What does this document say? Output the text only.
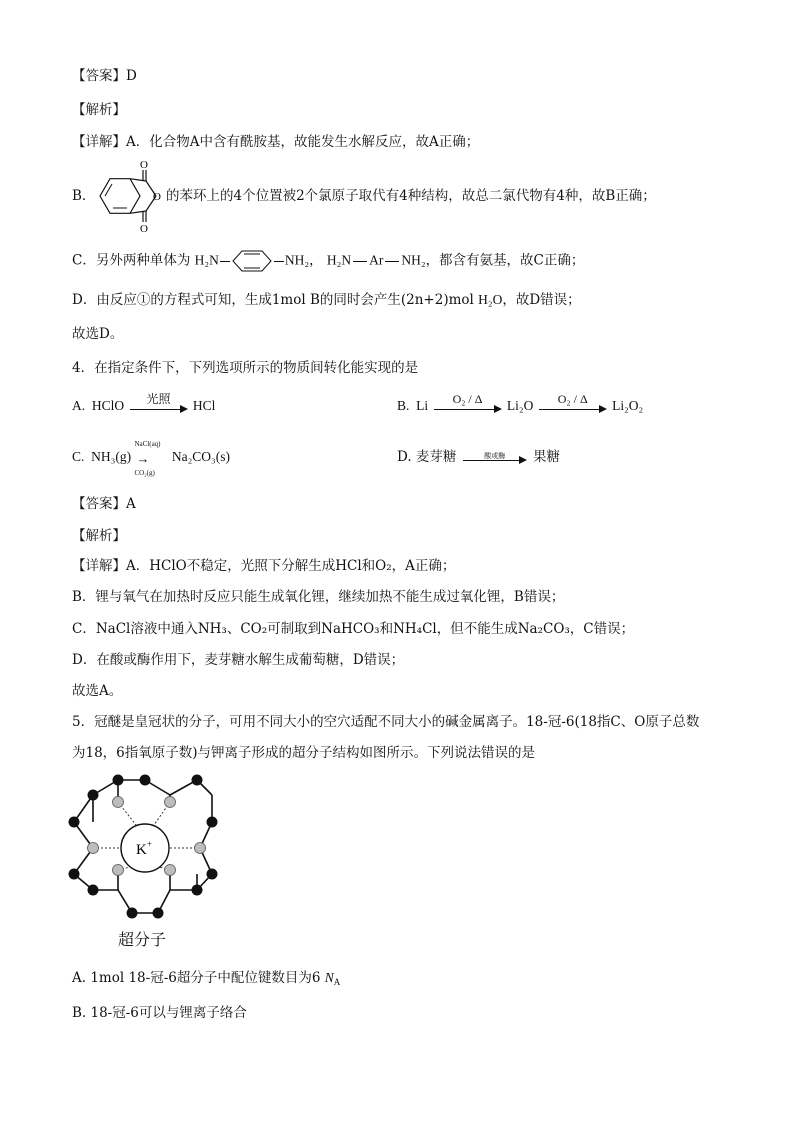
【答案】D
【解析】
【详解】A．化合物A中含有酰胺基，故能发生水解反应，故A正确；
B．
O
O
O 的苯环上的4个位置被2个氯原子取代有4种结构，故总二氯代物有4种，故B正确；
C．另外两种单体为 H₂N	NH₂， H₂N Ar NH₂，都含有氨基，故C正确；
D．由反应①的方程式可知，生成1mol B的同时会产生(2n+2)mol H₂O，故D错误；
故选D。
4．在指定条件下，下列选项所示的物质间转化能实现的是
A. HClO	光照	HCl	B. Li	O₂ / Δ	Li₂O	O₂ / Δ	Li₂O₂
C. NH₃(g)
NaCl(aq)
→
CO₂(g)
Na₂CO₃(s)	D. 麦芽糖	酸或酶	果糖
【答案】A
【解析】
【详解】A．HClO不稳定，光照下分解生成HCl和O₂，A正确；
B．锂与氧气在加热时反应只能生成氧化锂，继续加热不能生成过氧化锂，B错误；
C．NaCl溶液中通入NH₃、CO₂可制取到NaHCO₃和NH₄Cl，但不能生成Na₂CO₃，C错误；
D．在酸或酶作用下，麦芽糖水解生成葡萄糖，D错误；
故选A。
5．冠醚是皇冠状的分子，可用不同大小的空穴适配不同大小的碱金属离子。18-冠-6(18指C、O原子总数
为18，6指氧原子数)与钾离子形成的超分子结构如图所示。下列说法错误的是
K+
超分子
A. 1mol 18-冠-6超分子中配位键数目为6 $N_A$
B. 18-冠-6可以与锂离子络合
